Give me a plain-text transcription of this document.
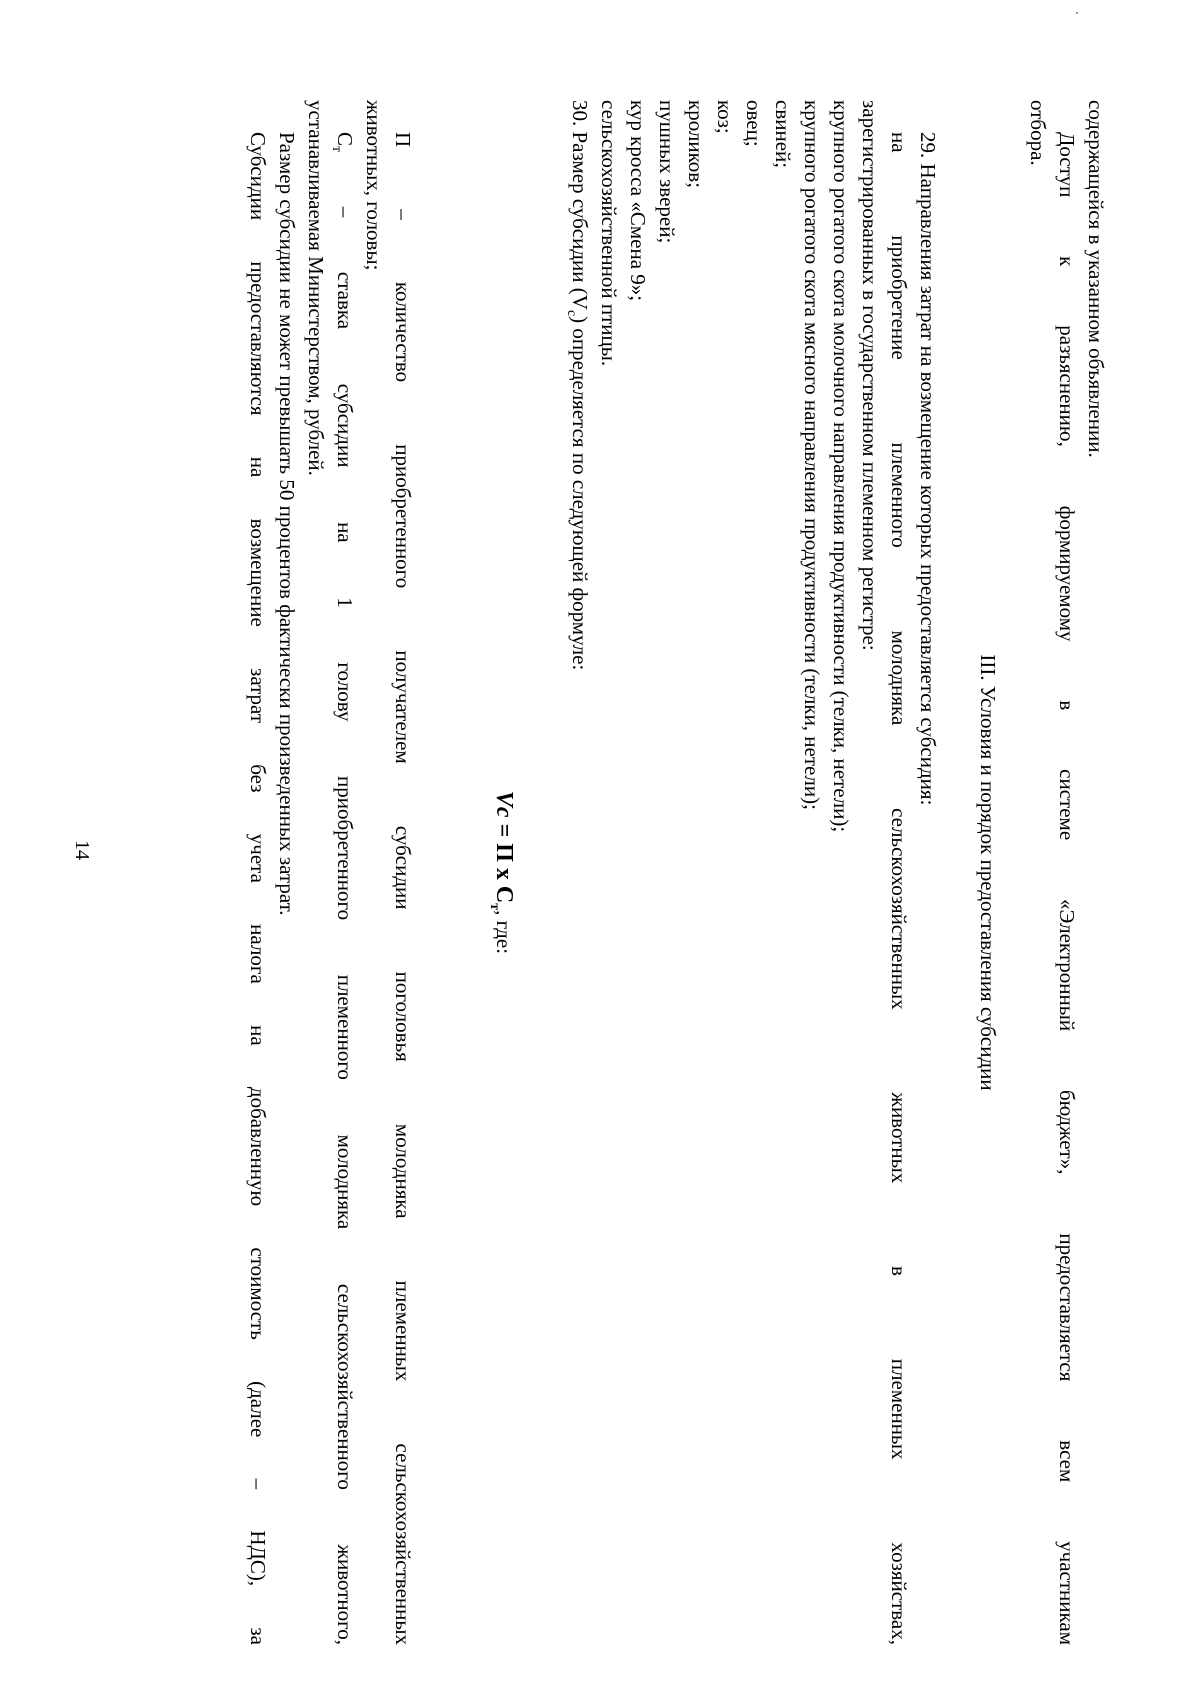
14

содержащейся в указанном объявлении.

Доступ к разъяснению, формируемому в системе «Электронный бюджет», предоставляется всем участникам

отбора.

III. Условия и порядок предоставления субсидии

29. Направления затрат на возмещение которых предоставляется субсидия:

на приобретение племенного молодняка сельскохозяйственных животных в племенных хозяйствах,

зарегистрированных в государственном племенном регистре:

крупного рогатого скота молочного направления продуктивности (телки, нетели);

крупного рогатого скота мясного направления продуктивности (телки, нетели);

свиней;

овец;

коз;

кроликов;

пушных зверей;

кур кросса «Смена 9»;

сельскохозяйственной птицы.

30. Размер субсидии $(V_с)$ определяется по следующей формуле:

Vc = П x $С_т$, где:

П – количество приобретенного получателем субсидии поголовья молодняка племенных сельскохозяйственных

животных, головы;

$С_т$ – ставка субсидии на 1 голову приобретенного племенного молодняка сельскохозяйственного животного,

устанавливаемая Министерством, рублей.

Размер субсидии не может превышать 50 процентов фактически произведенных затрат.

Субсидии предоставляются на возмещение затрат без учета налога на добавленную стоимость (далее – НДС), за
